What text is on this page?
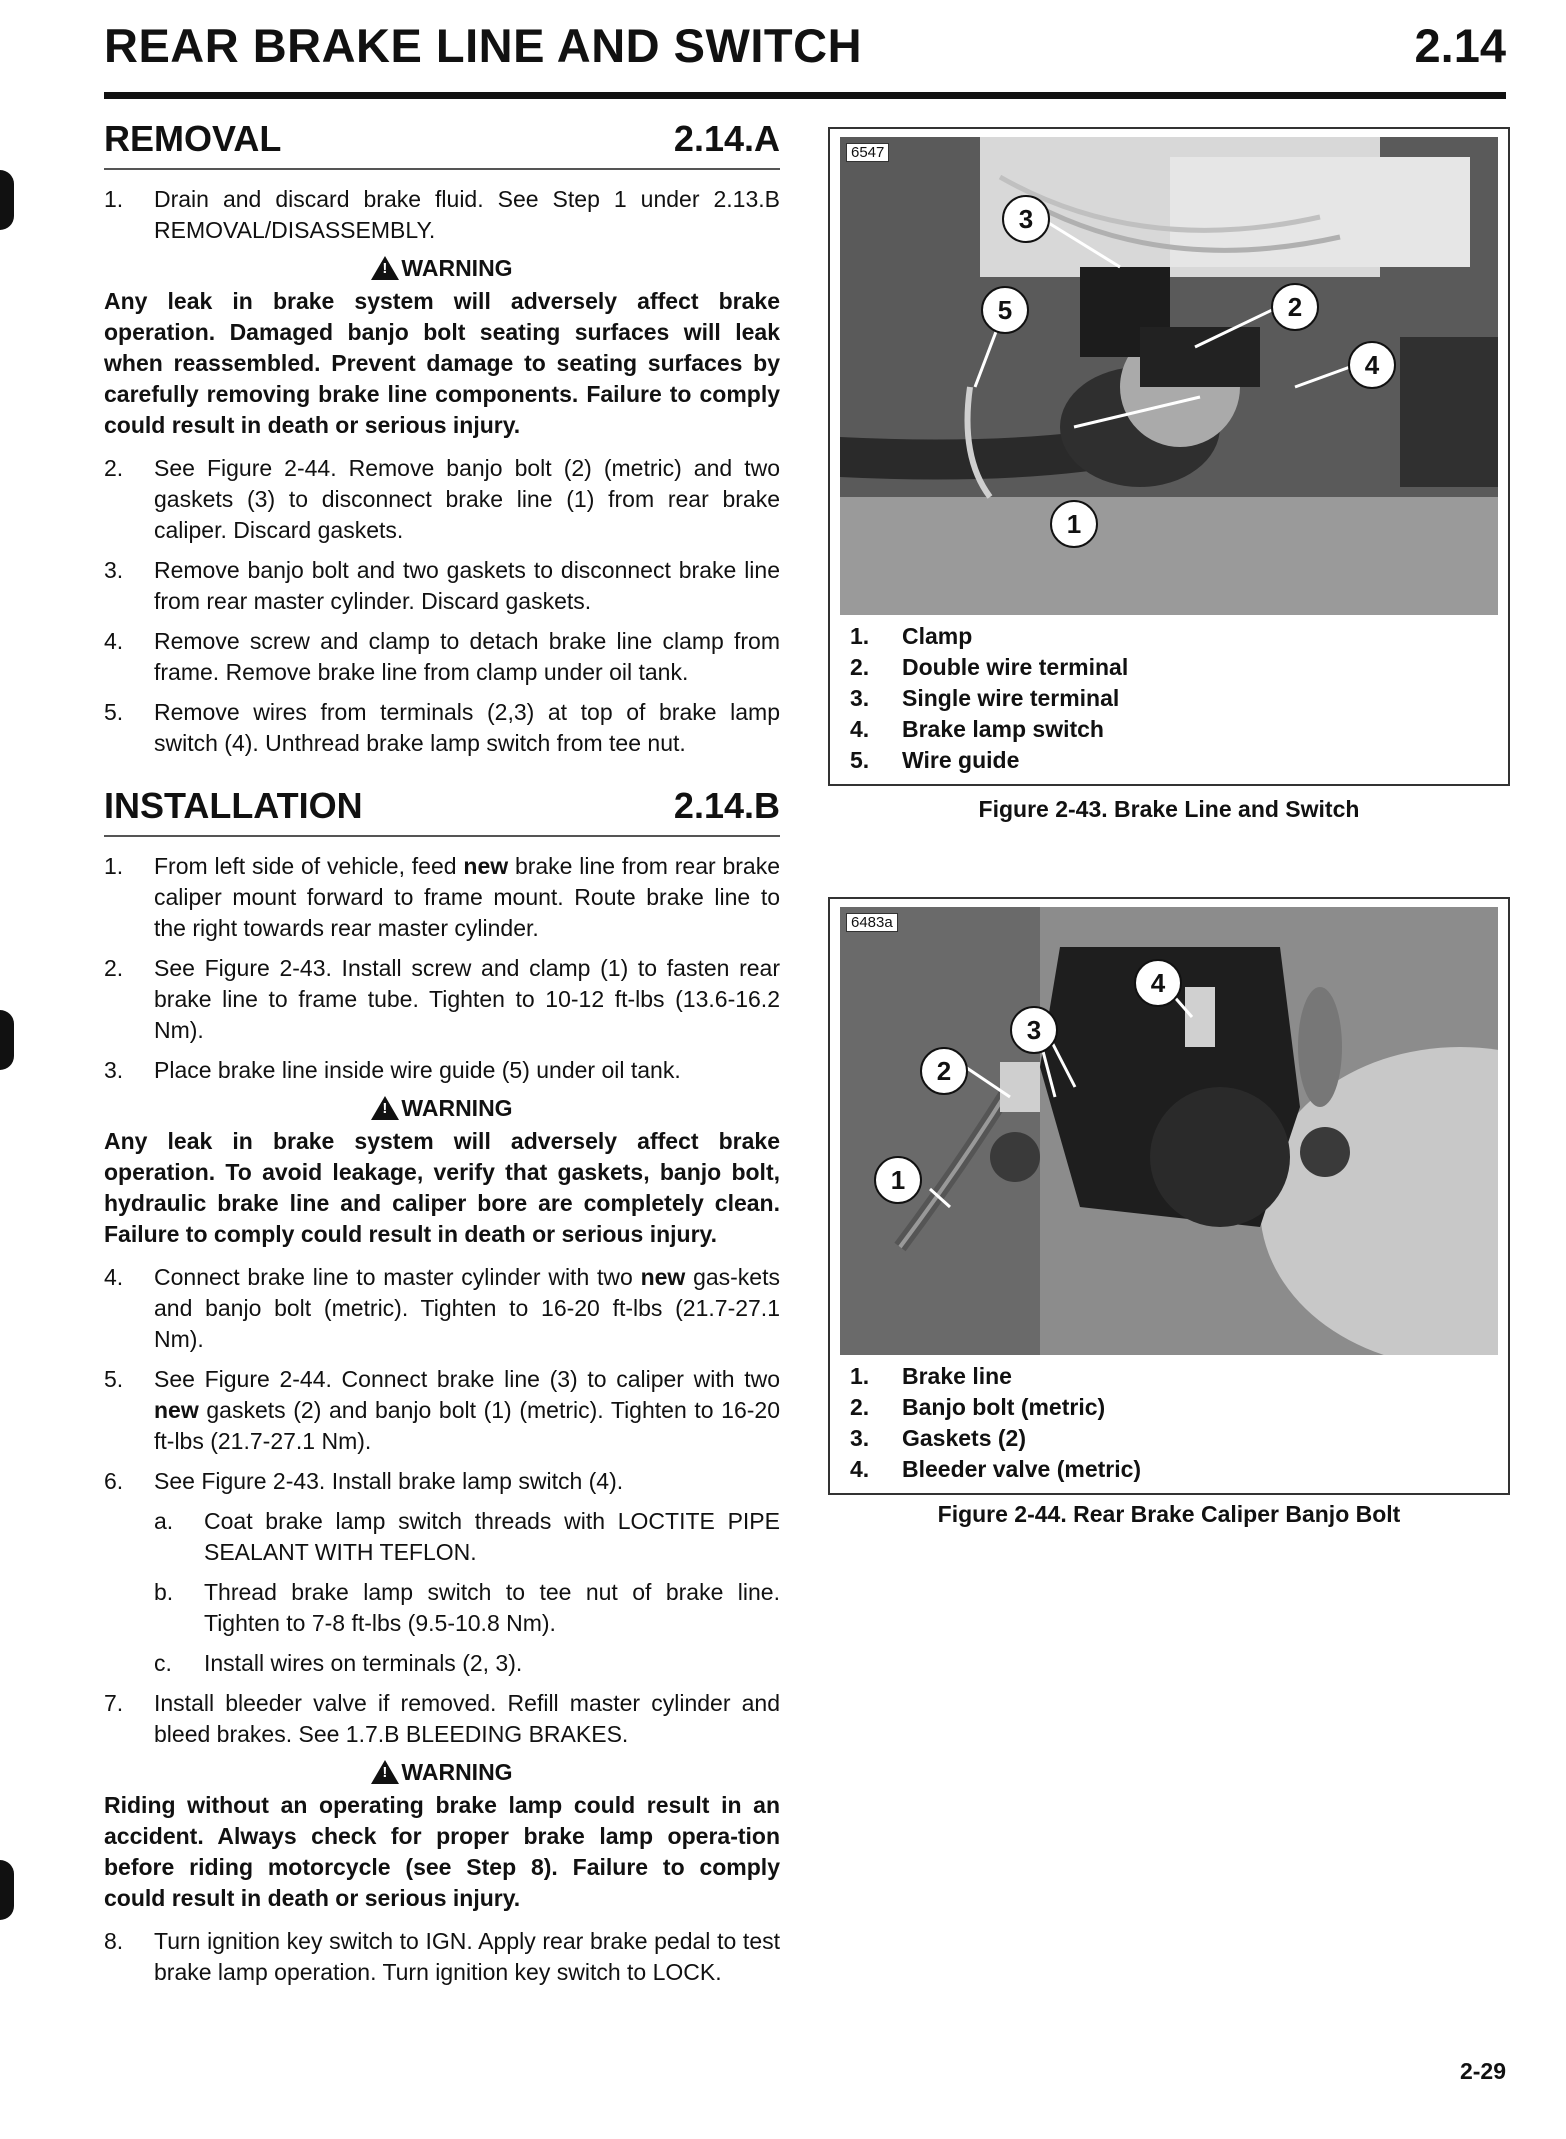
REAR BRAKE LINE AND SWITCH	2.14
REMOVAL	2.14.A
1.	Drain and discard brake fluid. See Step 1 under 2.13.B REMOVAL/DISASSEMBLY.
!
WARNING

Any leak in brake system will adversely affect brake operation. Damaged banjo bolt seating surfaces will leak when reassembled. Prevent damage to seating surfaces by carefully removing brake line components. Failure to comply could result in death or serious injury.

2.	See Figure 2-44. Remove banjo bolt (2) (metric) and two gaskets (3) to disconnect brake line (1) from rear brake caliper. Discard gaskets.
3.	Remove banjo bolt and two gaskets to disconnect brake line from rear master cylinder. Discard gaskets.
4.	Remove screw and clamp to detach brake line clamp from frame. Remove brake line from clamp under oil tank.
5.	Remove wires from terminals (2,3) at top of brake lamp switch (4). Unthread brake lamp switch from tee nut.
INSTALLATION	2.14.B
1.	From left side of vehicle, feed new brake line from rear brake caliper mount forward to frame mount. Route brake line to the right towards rear master cylinder.
2.	See Figure 2-43. Install screw and clamp (1) to fasten rear brake line to frame tube. Tighten to 10-12 ft-lbs (13.6-16.2 Nm).
3.	Place brake line inside wire guide (5) under oil tank.
!
WARNING

Any leak in brake system will adversely affect brake operation. To avoid leakage, verify that gaskets, banjo bolt, hydraulic brake line and caliper bore are completely clean. Failure to comply could result in death or serious injury.

4.	Connect brake line to master cylinder with two new gas-kets and banjo bolt (metric). Tighten to 16-20 ft-lbs (21.7-27.1 Nm).
5.	See Figure 2-44. Connect brake line (3) to caliper with two new gaskets (2) and banjo bolt (1) (metric). Tighten to 16-20 ft-lbs (21.7-27.1 Nm).
6.	See Figure 2-43. Install brake lamp switch (4).
a.	Coat brake lamp switch threads with LOCTITE PIPE SEALANT WITH TEFLON.
b.	Thread brake lamp switch to tee nut of brake line. Tighten to 7-8 ft-lbs (9.5-10.8 Nm).
c.	Install wires on terminals (2, 3).
7.	Install bleeder valve if removed. Refill master cylinder and bleed brakes. See 1.7.B BLEEDING BRAKES.
!
WARNING

Riding without an operating brake lamp could result in an accident. Always check for proper brake lamp opera-tion before riding motorcycle (see Step 8). Failure to comply could result in death or serious injury.

8.	Turn ignition key switch to IGN. Apply rear brake pedal to test brake lamp operation. Turn ignition key switch to LOCK.
6547
1
2
3
4
5
1.	Clamp
2.	Double wire terminal
3.	Single wire terminal
4.	Brake lamp switch
5.	Wire guide
Figure 2-43. Brake Line and Switch
6483a
1
2
3
4
1.	Brake line
2.	Banjo bolt (metric)
3.	Gaskets (2)
4.	Bleeder valve (metric)
Figure 2-44. Rear Brake Caliper Banjo Bolt
2-29
